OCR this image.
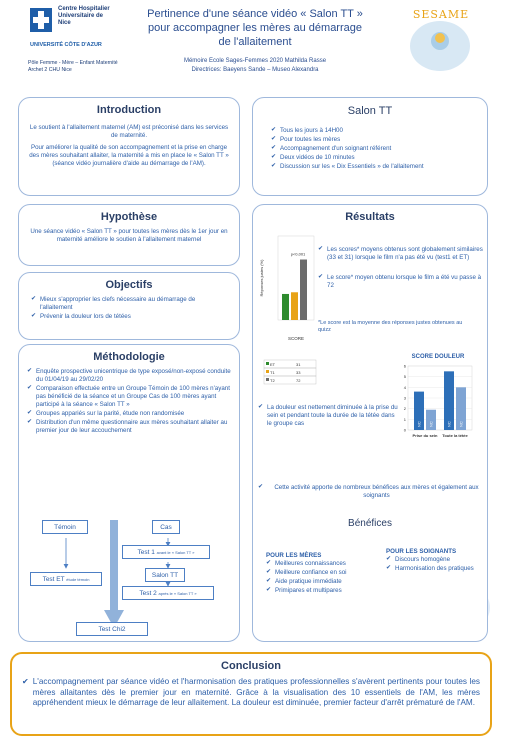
Centre Hospitalier Universitaire de Nice
UNIVERSITÉ CÔTE D'AZUR
Pôle Femme - Mère – Enfant Maternité Archet 2 CHU Nice
Pertinence d'une séance vidéo « Salon TT »
pour accompagner les mères au démarrage
de l'allaitement
Mémoire Ecole Sages-Femmes 2020 Mathilda Rasse
Directrices: Baeyens Sande – Museo Alexandra
SESAME
Introduction
Le soutient à l'allaitement maternel (AM) est préconisé dans les services de maternité.
Pour améliorer la qualité de son accompagnement et la prise en charge des mères souhaitant allaiter, la maternité a mis en place le « Salon TT » (séance vidéo journalière d'aide au démarrage de l'AM).
Salon TT
✔ Tous les jours à 14H00
✔ Pour toutes les mères
✔ Accompagnement d'un soignant référent
✔ Deux vidéos de 10 minutes
✔ Discussion sur les « Dix Essentiels » de l'allaitement
Hypothèse
Une séance vidéo « Salon TT » pour toutes les mères dès le 1er jour en maternité améliore le soutien à l'allaitement maternel
Objectifs
✔ Mieux s'approprier les clefs nécessaire au démarrage de l'allaitement
✔ Prévenir la douleur lors de tétées
Méthodologie
✔ Enquête prospective unicentrique de type exposé/non-exposé conduite du 01/04/19 au 29/02/20
✔ Comparaison effectuée entre un Groupe Témoin de 100 mères n'ayant pas bénéficié de la séance et un Groupe Cas de 100 mères ayant participé à la séance « Salon TT »
✔ Groupes appariés sur la parité, étude non randomisée
✔ Distribution d'un même questionnaire aux mères souhaitant allaiter au premier jour de leur accouchement
Témoin	Cas
Test 1 avant le « Salon TT »
Test ET étude témoin
Salon TT
Test 2 après le « Salon TT »
Test Chi2
Résultats
Réponses justes (%)
p<0,001
SCORE
ET	31
T1	33
T2	72
✔ Les scores* moyens obtenus sont globalement similaires (33 et 31) lorsque le film n'a pas été vu (test1 et ET)
✔ Le score* moyen obtenu lorsque le film a été vu passe à 72
*Le score est la moyenne des réponses justes obtenues au quizz
SCORE DOULEUR
0
1
2
3
4
5
6
NC NC
Prise du sein
NC NC
Toute la tétée
✔ La douleur est nettement diminuée à la prise du sein et pendant toute la durée de la tétée dans le groupe cas
✔ Cette activité apporte de nombreux bénéfices aux mères et également aux soignants
Bénéfices
POUR LES MÈRES
✔ Meilleures connaissances
✔ Meilleure confiance en soi
✔ Aide pratique immédiate
✔ Primipares et multipares
POUR LES SOIGNANTS
✔ Discours homogène
✔ Harmonisation des pratiques
Conclusion
✔ L'accompagnement par séance vidéo et l'harmonisation des pratiques professionnelles s'avèrent pertinents pour toutes les mères allaitantes dès le premier jour en maternité. Grâce à la visualisation des 10 essentiels de l'AM, les mères appréhendent mieux le démarrage de leur allaitement. La douleur est diminuée, premier facteur d'arrêt prématuré de l'AM.
